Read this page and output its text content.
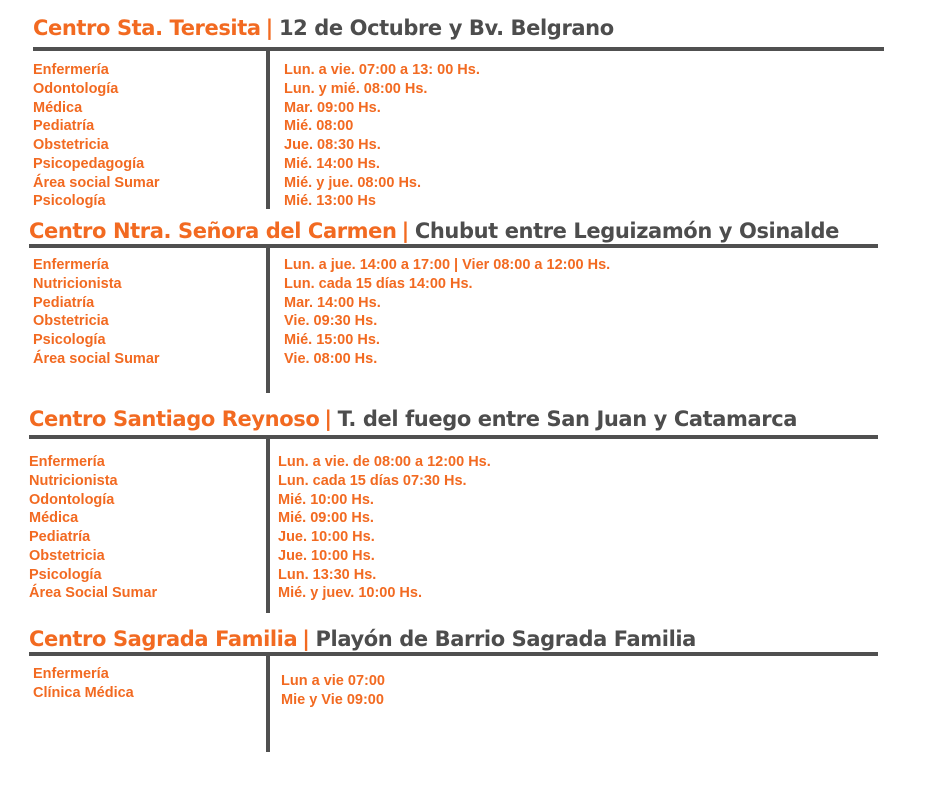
Centro Sta. Teresita | 12 de Octubre y Bv. Belgrano
Enfermería
Odontología
Médica
Pediatría
Obstetricia
Psicopedagogía
Área social Sumar
Psicología
Lun. a vie. 07:00 a 13: 00 Hs.
Lun. y mié. 08:00 Hs.
Mar. 09:00 Hs.
Mié. 08:00
Jue. 08:30 Hs.
Mié. 14:00 Hs.
Mié. y jue. 08:00 Hs.
Mié. 13:00 Hs
Centro Ntra. Señora del Carmen | Chubut entre Leguizamón y Osinalde
Enfermería
Nutricionista
Pediatría
Obstetricia
Psicología
Área social Sumar
Lun. a jue. 14:00 a 17:00 | Vier 08:00 a 12:00 Hs.
Lun. cada 15 días 14:00 Hs.
Mar. 14:00 Hs.
Vie. 09:30 Hs.
Mié. 15:00 Hs.
Vie. 08:00 Hs.
Centro Santiago Reynoso | T. del fuego entre San Juan y Catamarca
Enfermería
Nutricionista
Odontología
Médica
Pediatría
Obstetricia
Psicología
Área Social Sumar
Lun. a vie. de 08:00 a 12:00 Hs.
Lun. cada 15 días 07:30 Hs.
Mié. 10:00 Hs.
Mié. 09:00 Hs.
Jue. 10:00 Hs.
Jue. 10:00 Hs.
Lun. 13:30 Hs.
Mié. y juev. 10:00 Hs.
Centro Sagrada Familia | Playón de Barrio Sagrada Familia
Enfermería
Clínica Médica
Lun a vie 07:00
Mie y Vie 09:00
